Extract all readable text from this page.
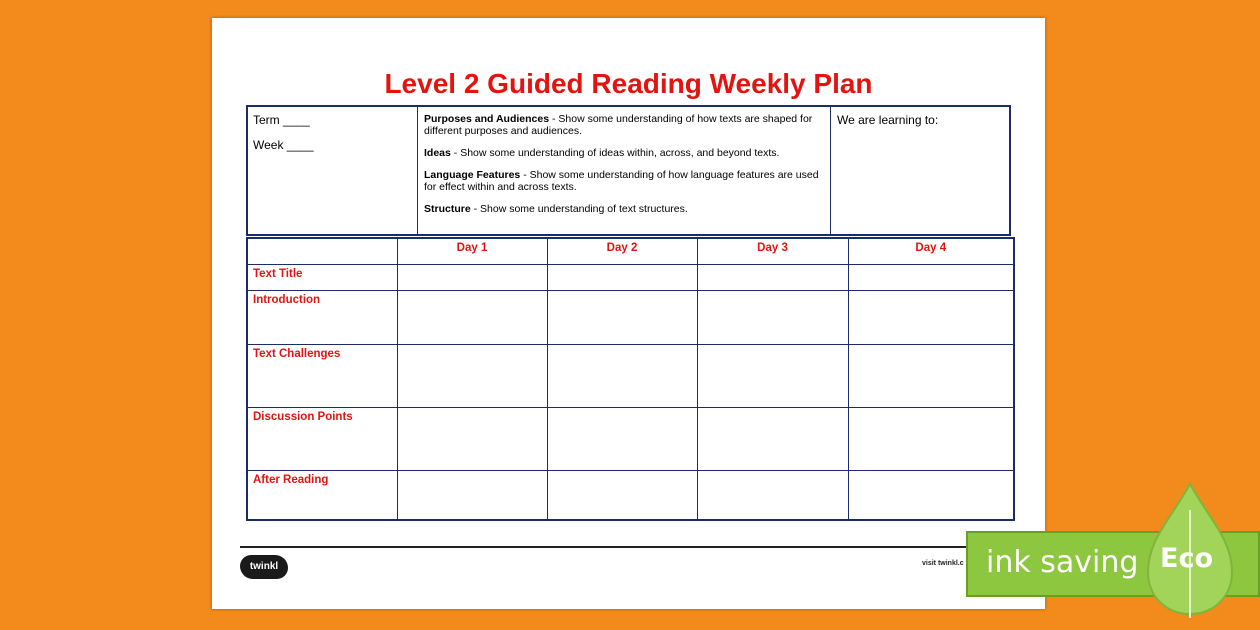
Level 2 Guided Reading Weekly Plan
Term ____
Week ____

Purposes and Audiences - Show some understanding of how texts are shaped for different purposes and audiences.

Ideas - Show some understanding of ideas within, across, and beyond texts.

Language Features - Show some understanding of how language features are used for effect within and across texts.

Structure - Show some understanding of text structures.

We are learning to:
	Day 1	Day 2	Day 3	Day 4
Text Title				
Introduction				
Text Challenges				
Discussion Points				
After Reading				
twinkl	visit twinkl.c ink saving Eco
